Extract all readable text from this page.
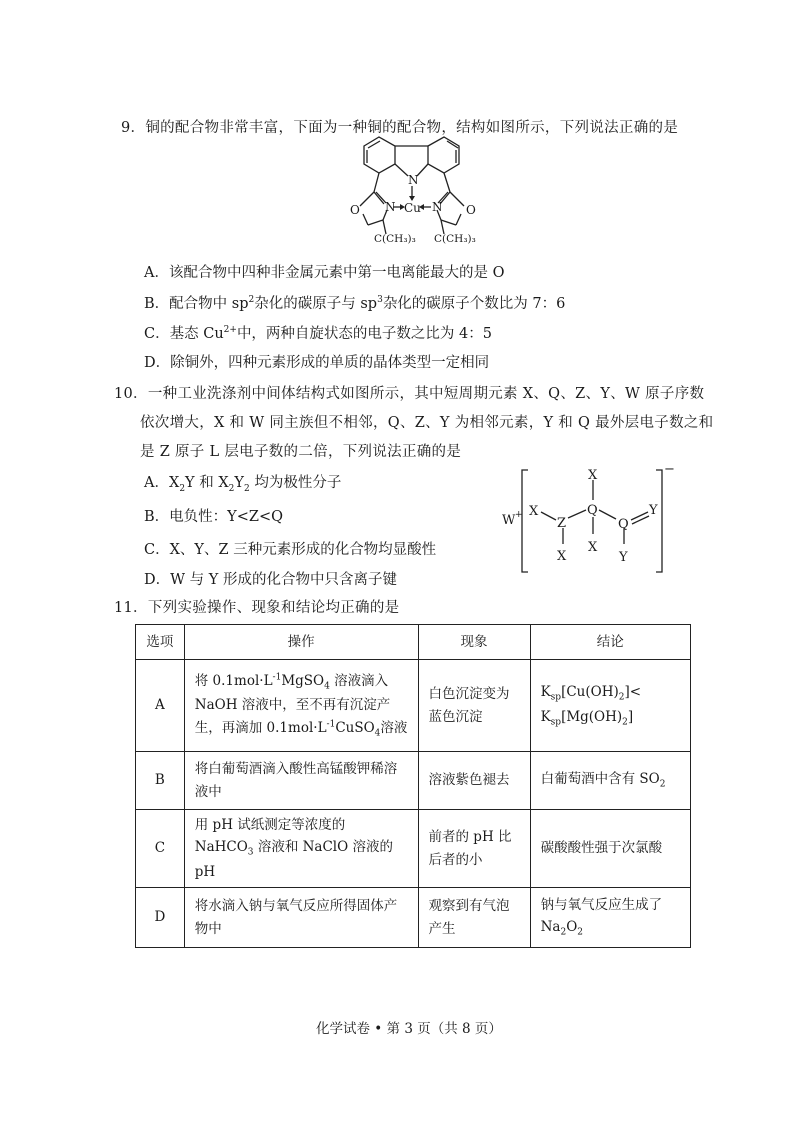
9．铜的配合物非常丰富，下面为一种铜的配合物，结构如图所示，下列说法正确的是
N
N	N
Cu
O	O
C(CH₃)₃ C(CH₃)₃
A．该配合物中四种非金属元素中第一电离能最大的是 O
B．配合物中 $sp^2$杂化的碳原子与 $sp^3$杂化的碳原子个数比为 7：6
C．基态 $Cu^{2+}$中，两种自旋状态的电子数之比为 4：5
D．除铜外，四种元素形成的单质的晶体类型一定相同
10．一种工业洗涤剂中间体结构式如图所示，其中短周期元素 X、Q、Z、Y、W 原子序数
依次增大，X 和 W 同主族但不相邻，Q、Z、Y 为相邻元素，Y 和 Q 最外层电子数之和
是 Z 原子 L 层电子数的二倍，下列说法正确的是
A．$X_2Y$ 和 $X_2Y_2$ 均为极性分子
B．电负性：Y<Z<Q
C．X、Y、Z 三种元素形成的化合物均显酸性
D．W 与 Y 形成的化合物中只含离子键
W + X
Z
X
X
Q
X
Q
Y
Y
−
11．下列实验操作、现象和结论均正确的是
选项	操作	现象	结论
A	将 $0.1mol\cdot L^{-1}MgSO_4$ 溶液滴入 NaOH 溶液中，至不再有沉淀产生，再滴加 $0.1mol\cdot L^{-1}CuSO_4$溶液	白色沉淀变为蓝色沉淀	$K_{sp}[Cu(OH)_2]<$
$K_{sp}[Mg(OH)_2]$
B	将白葡萄酒滴入酸性高锰酸钾稀溶液中	溶液紫色褪去	白葡萄酒中含有 $SO_2$
C	用 pH 试纸测定等浓度的 NaHCO$_3$ 溶液和 NaClO 溶液的 pH	前者的 pH 比后者的小	碳酸酸性强于次氯酸
D	将水滴入钠与氧气反应所得固体产物中	观察到有气泡产生	钠与氧气反应生成了 $Na_2O_2$
化学试卷 • 第 3 页（共 8 页）
